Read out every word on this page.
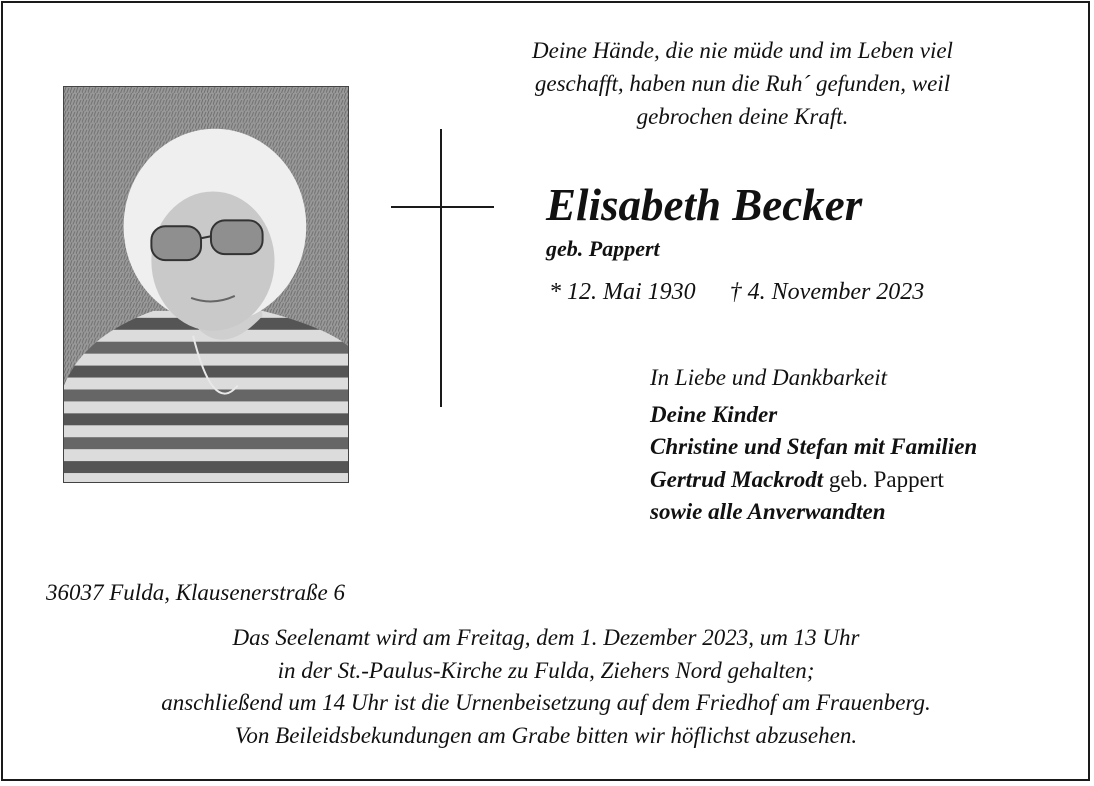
Deine Hände, die nie müde und im Leben viel
geschafft, haben nun die Ruh´ gefunden, weil
gebrochen deine Kraft.
Elisabeth Becker
geb. Pappert
* 12. Mai 1930 † 4. November 2023
In Liebe und Dankbarkeit
Deine Kinder
Christine und Stefan mit Familien
Gertrud Mackrodt geb. Pappert
sowie alle Anverwandten
36037 Fulda, Klausenerstraße 6
Das Seelenamt wird am Freitag, dem 1. Dezember 2023, um 13 Uhr
in der St.-Paulus-Kirche zu Fulda, Ziehers Nord gehalten;
anschließend um 14 Uhr ist die Urnenbeisetzung auf dem Friedhof am Frauenberg.
Von Beileidsbekundungen am Grabe bitten wir höflichst abzusehen.
